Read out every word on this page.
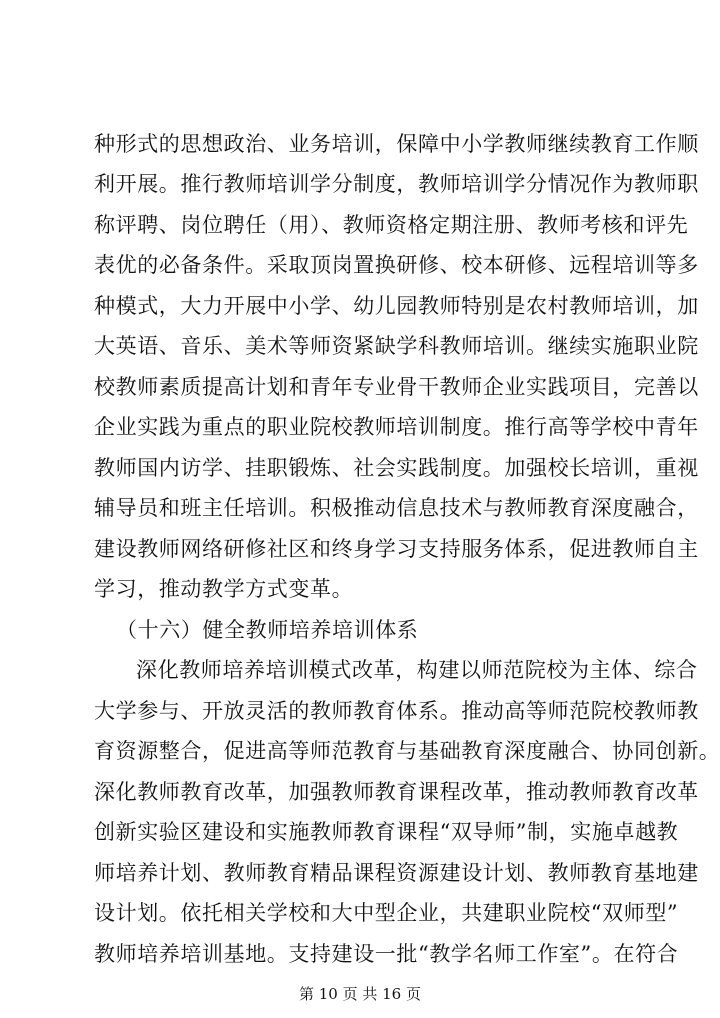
种形式的思想政治、业务培训，保障中小学教师继续教育工作顺
利开展。推行教师培训学分制度，教师培训学分情况作为教师职
称评聘、岗位聘任（用）、教师资格定期注册、教师考核和评先
表优的必备条件。采取顶岗置换研修、校本研修、远程培训等多
种模式，大力开展中小学、幼儿园教师特别是农村教师培训，加
大英语、音乐、美术等师资紧缺学科教师培训。继续实施职业院
校教师素质提高计划和青年专业骨干教师企业实践项目，完善以
企业实践为重点的职业院校教师培训制度。推行高等学校中青年
教师国内访学、挂职锻炼、社会实践制度。加强校长培训，重视
辅导员和班主任培训。积极推动信息技术与教师教育深度融合，
建设教师网络研修社区和终身学习支持服务体系，促进教师自主
学习，推动教学方式变革。
（十六）健全教师培养培训体系
深化教师培养培训模式改革，构建以师范院校为主体、综合
大学参与、开放灵活的教师教育体系。推动高等师范院校教师教
育资源整合，促进高等师范教育与基础教育深度融合、协同创新。
深化教师教育改革，加强教师教育课程改革，推动教师教育改革
创新实验区建设和实施教师教育课程“双导师”制，实施卓越教
师培养计划、教师教育精品课程资源建设计划、教师教育基地建
设计划。依托相关学校和大中型企业，共建职业院校“双师型”
教师培养培训基地。支持建设一批“教学名师工作室”。在符合
第 10 页 共 16 页
